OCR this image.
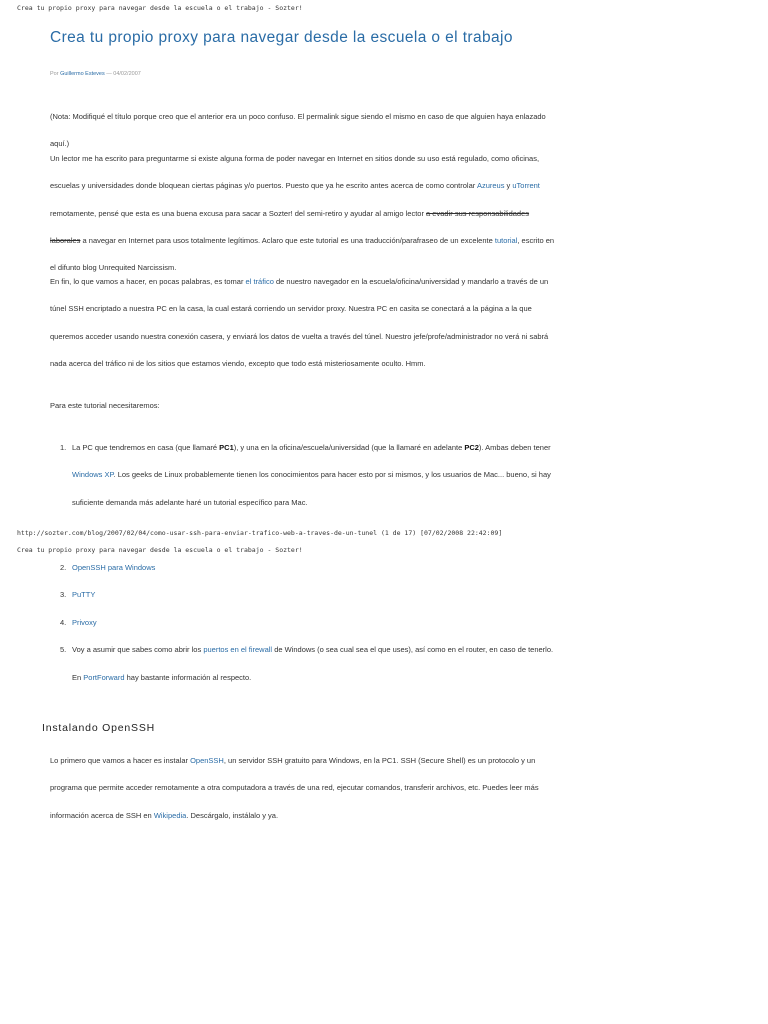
Crea tu propio proxy para navegar desde la escuela o el trabajo - Sozter!
Crea tu propio proxy para navegar desde la escuela o el trabajo
Por Guillermo Esteves — 04/02/2007

(Nota: Modifiqué el título porque creo que el anterior era un poco confuso. El permalink sigue siendo el mismo en caso de que alguien haya enlazado aquí.)

Un lector me ha escrito para preguntarme si existe alguna forma de poder navegar en Internet en sitios donde su uso está regulado, como oficinas, escuelas y universidades donde bloquean ciertas páginas y/o puertos. Puesto que ya he escrito antes acerca de como controlar Azureus y uTorrent remotamente, pensé que esta es una buena excusa para sacar a Sozter! del semi-retiro y ayudar al amigo lector a evadir sus responsabilidades laborales a navegar en Internet para usos totalmente legítimos. Aclaro que este tutorial es una traducción/parafraseo de un excelente tutorial, escrito en el difunto blog Unrequited Narcissism.

En fin, lo que vamos a hacer, en pocas palabras, es tomar el tráfico de nuestro navegador en la escuela/oficina/universidad y mandarlo a través de un túnel SSH encriptado a nuestra PC en la casa, la cual estará corriendo un servidor proxy. Nuestra PC en casita se conectará a la página a la que queremos acceder usando nuestra conexión casera, y enviará los datos de vuelta a través del túnel. Nuestro jefe/profe/administrador no verá ni sabrá nada acerca del tráfico ni de los sitios que estamos viendo, excepto que todo está misteriosamente oculto. Hmm.

Para este tutorial necesitaremos:

1. La PC que tendremos en casa (que llamaré PC1), y una en la oficina/escuela/universidad (que la llamaré en adelante PC2). Ambas deben tener Windows XP. Los geeks de Linux probablemente tienen los conocimientos para hacer esto por si mismos, y los usuarios de Mac... bueno, si hay suficiente demanda más adelante haré un tutorial específico para Mac.
http://sozter.com/blog/2007/02/04/como-usar-ssh-para-enviar-trafico-web-a-traves-de-un-tunel (1 de 17) [07/02/2008 22:42:09]
Crea tu propio proxy para navegar desde la escuela o el trabajo - Sozter!
2. OpenSSH para Windows
3. PuTTY
4. Privoxy
5. Voy a asumir que sabes como abrir los puertos en el firewall de Windows (o sea cual sea el que uses), así como en el router, en caso de tenerlo. En PortForward hay bastante información al respecto.
Instalando OpenSSH

Lo primero que vamos a hacer es instalar OpenSSH, un servidor SSH gratuito para Windows, en la PC1. SSH (Secure Shell) es un protocolo y un programa que permite acceder remotamente a otra computadora a través de una red, ejecutar comandos, transferir archivos, etc. Puedes leer más información acerca de SSH en Wikipedia. Descárgalo, instálalo y ya.
